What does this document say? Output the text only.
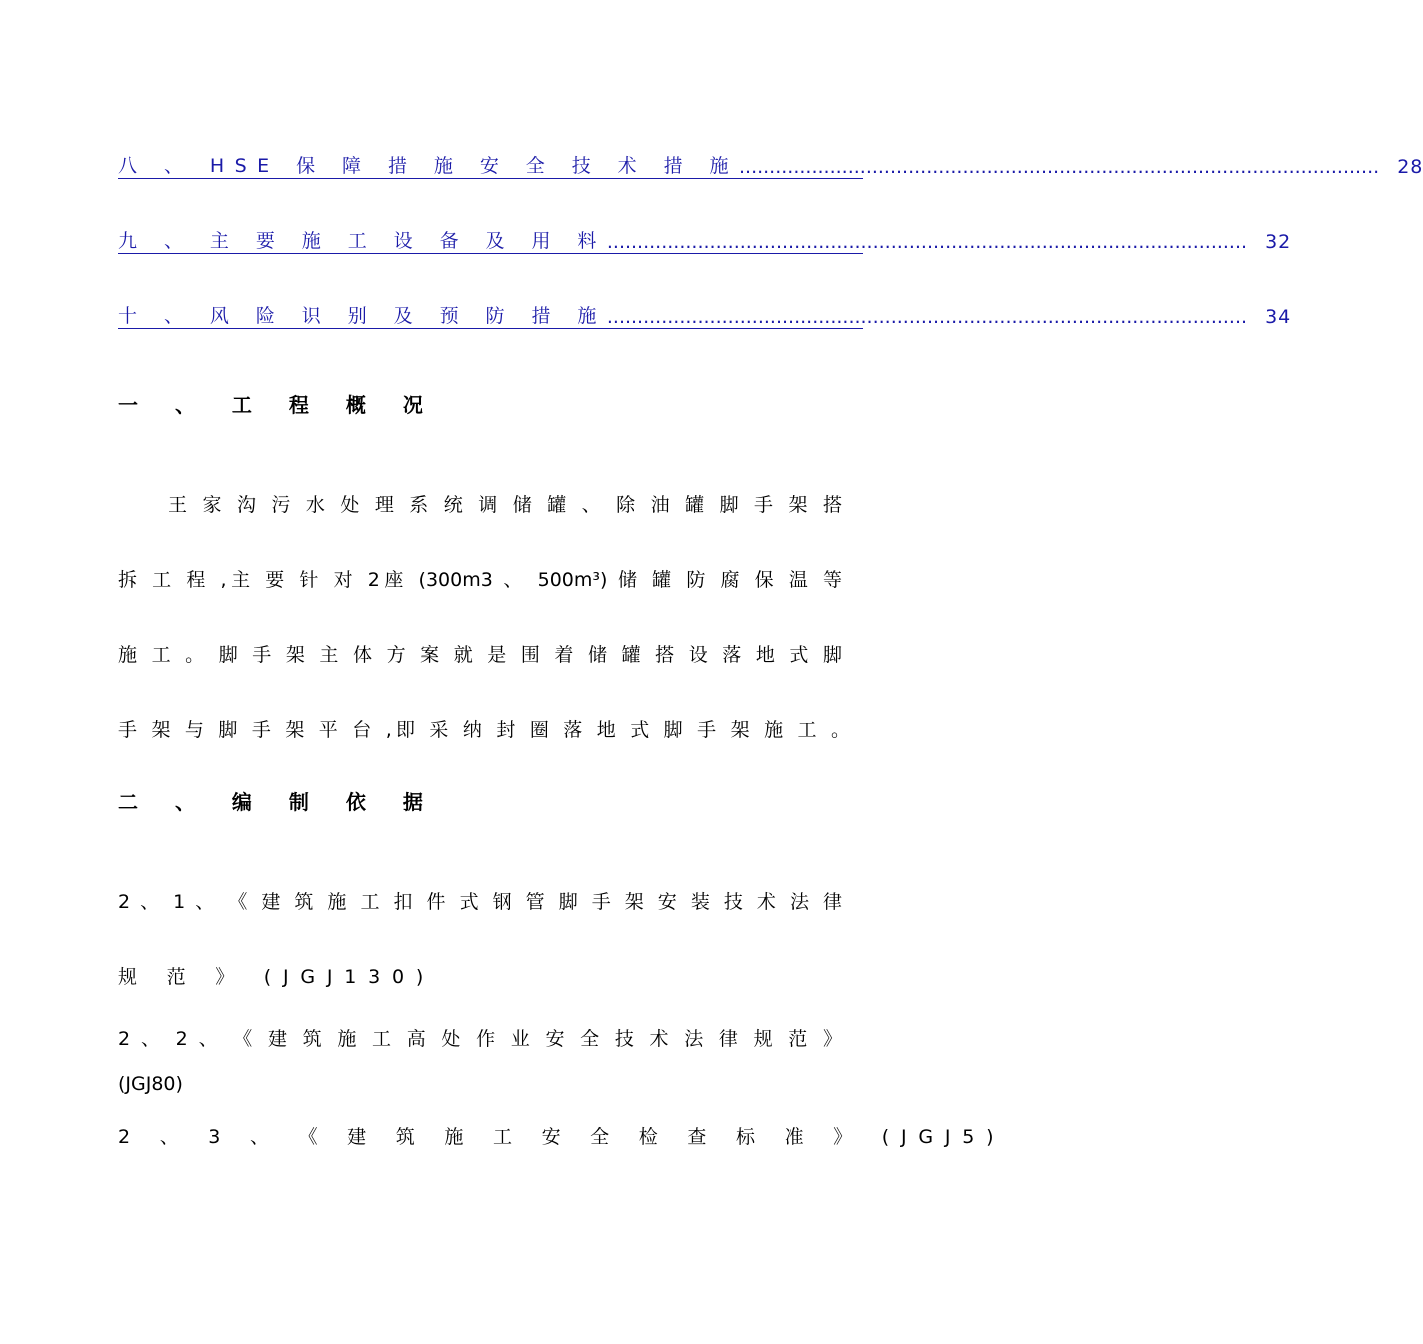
八 、 HSE 保 障 措 施 安 全 技 术 措 施 .......................................................................................................... 28
九 、 主 要 施 工 设 备 及 用 料 .......................................................................................................... 32
十 、 风 险 识 别 及 预 防 措 施 .......................................................................................................... 34
一 、 工 程 概 况
王 家 沟 污 水 处 理 系 统 调 储 罐 、 除 油 罐 脚 手 架 搭
拆 工 程 ,主 要 针 对 2座 (300m3 、 500m³) 储 罐 防 腐 保 温 等
施 工 。 脚 手 架 主 体 方 案 就 是 围 着 储 罐 搭 设 落 地 式 脚
手 架 与 脚 手 架 平 台 ,即 采 纳 封 圈 落 地 式 脚 手 架 施 工 。
二 、 编 制 依 据
2 、 1 、 《 建 筑 施 工 扣 件 式 钢 管 脚 手 架 安 装 技 术 法 律
规 范 》 (JGJ130)
2 、 2 、 《 建 筑 施 工 高 处 作 业 安 全 技 术 法 律 规 范 》
(JGJ80)
2 、 3 、 《 建 筑 施 工 安 全 检 查 标 准 》 (JGJ5)
